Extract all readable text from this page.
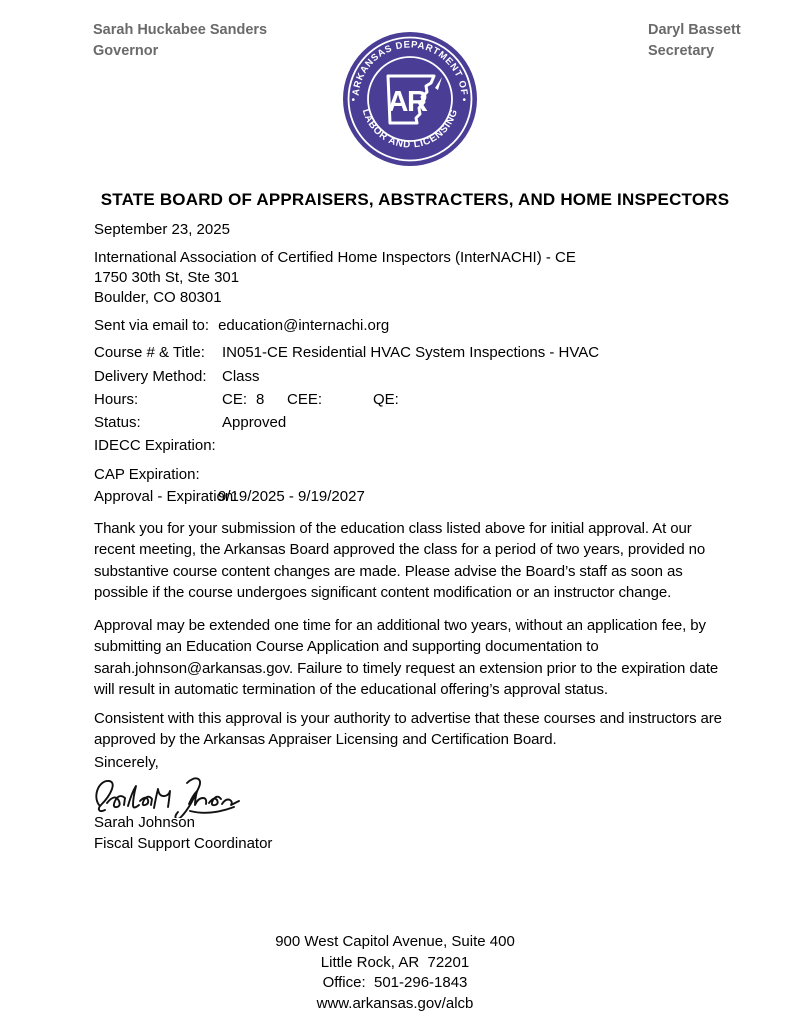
Sarah Huckabee Sanders
Governor
Daryl Bassett
Secretary
ARKANSAS DEPARTMENT OF
LABOR AND LICENSING
•	•
AR
STATE BOARD OF APPRAISERS, ABSTRACTERS, AND HOME INSPECTORS
September 23, 2025
International Association of Certified Home Inspectors (InterNACHI) - CE
1750 30th St, Ste 301
Boulder, CO 80301
Sent via email to: education@internachi.org
Course # & Title: IN051-CE Residential HVAC System Inspections - HVAC
Delivery Method: Class
Hours:	CE: 8 CEE:	QE:
Status:	Approved
IDECC Expiration:
CAP Expiration:
Approval - Expiration:9/19/2025 - 9/19/2027
Thank you for your submission of the education class listed above for initial approval. At our recent meeting, the Arkansas Board approved the class for a period of two years, provided no substantive course content changes are made. Please advise the Board’s staff as soon as possible if the course undergoes significant content modification or an instructor change.
Approval may be extended one time for an additional two years, without an application fee, by submitting an Education Course Application and supporting documentation to sarah.johnson@arkansas.gov. Failure to timely request an extension prior to the expiration date will result in automatic termination of the educational offering’s approval status.
Consistent with this approval is your authority to advertise that these courses and instructors are approved by the Arkansas Appraiser Licensing and Certification Board.
Sincerely,
Sarah Johnson
Fiscal Support Coordinator
900 West Capitol Avenue, Suite 400
Little Rock, AR  72201
Office:  501-296-1843
www.arkansas.gov/alcb
